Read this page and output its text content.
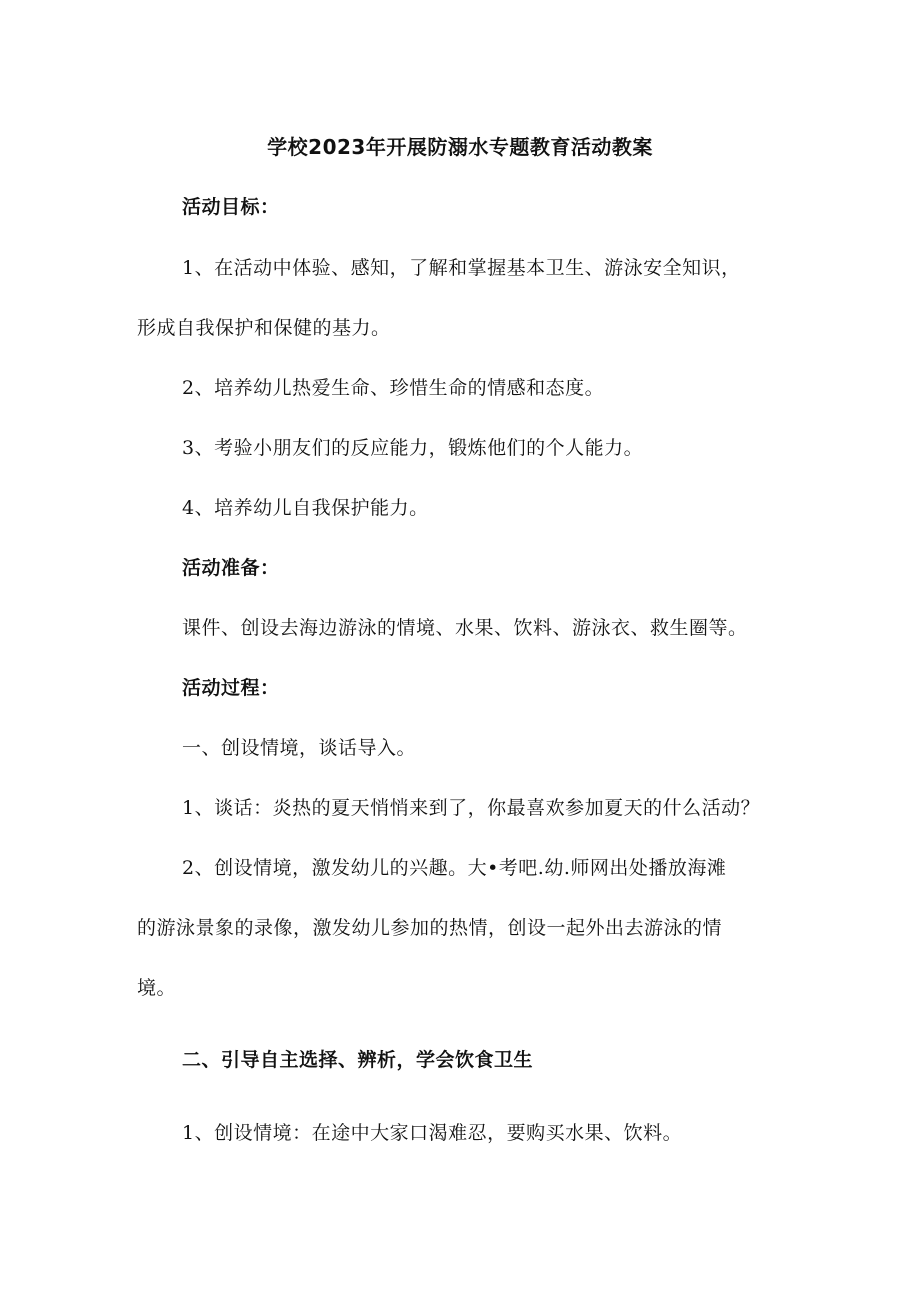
学校2023年开展防溺水专题教育活动教案
活动目标：
1、在活动中体验、感知，了解和掌握基本卫生、游泳安全知识，
形成自我保护和保健的基力。
2、培养幼儿热爱生命、珍惜生命的情感和态度。
3、考验小朋友们的反应能力，锻炼他们的个人能力。
4、培养幼儿自我保护能力。
活动准备：
课件、创设去海边游泳的情境、水果、饮料、游泳衣、救生圈等。
活动过程：
一、创设情境，谈话导入。
1、谈话：炎热的夏天悄悄来到了，你最喜欢参加夏天的什么活动？
2、创设情境，激发幼儿的兴趣。大•考吧.幼.师网出处播放海滩
的游泳景象的录像，激发幼儿参加的热情，创设一起外出去游泳的情
境。
二、引导自主选择、辨析，学会饮食卫生
1、创设情境：在途中大家口渴难忍，要购买水果、饮料。
